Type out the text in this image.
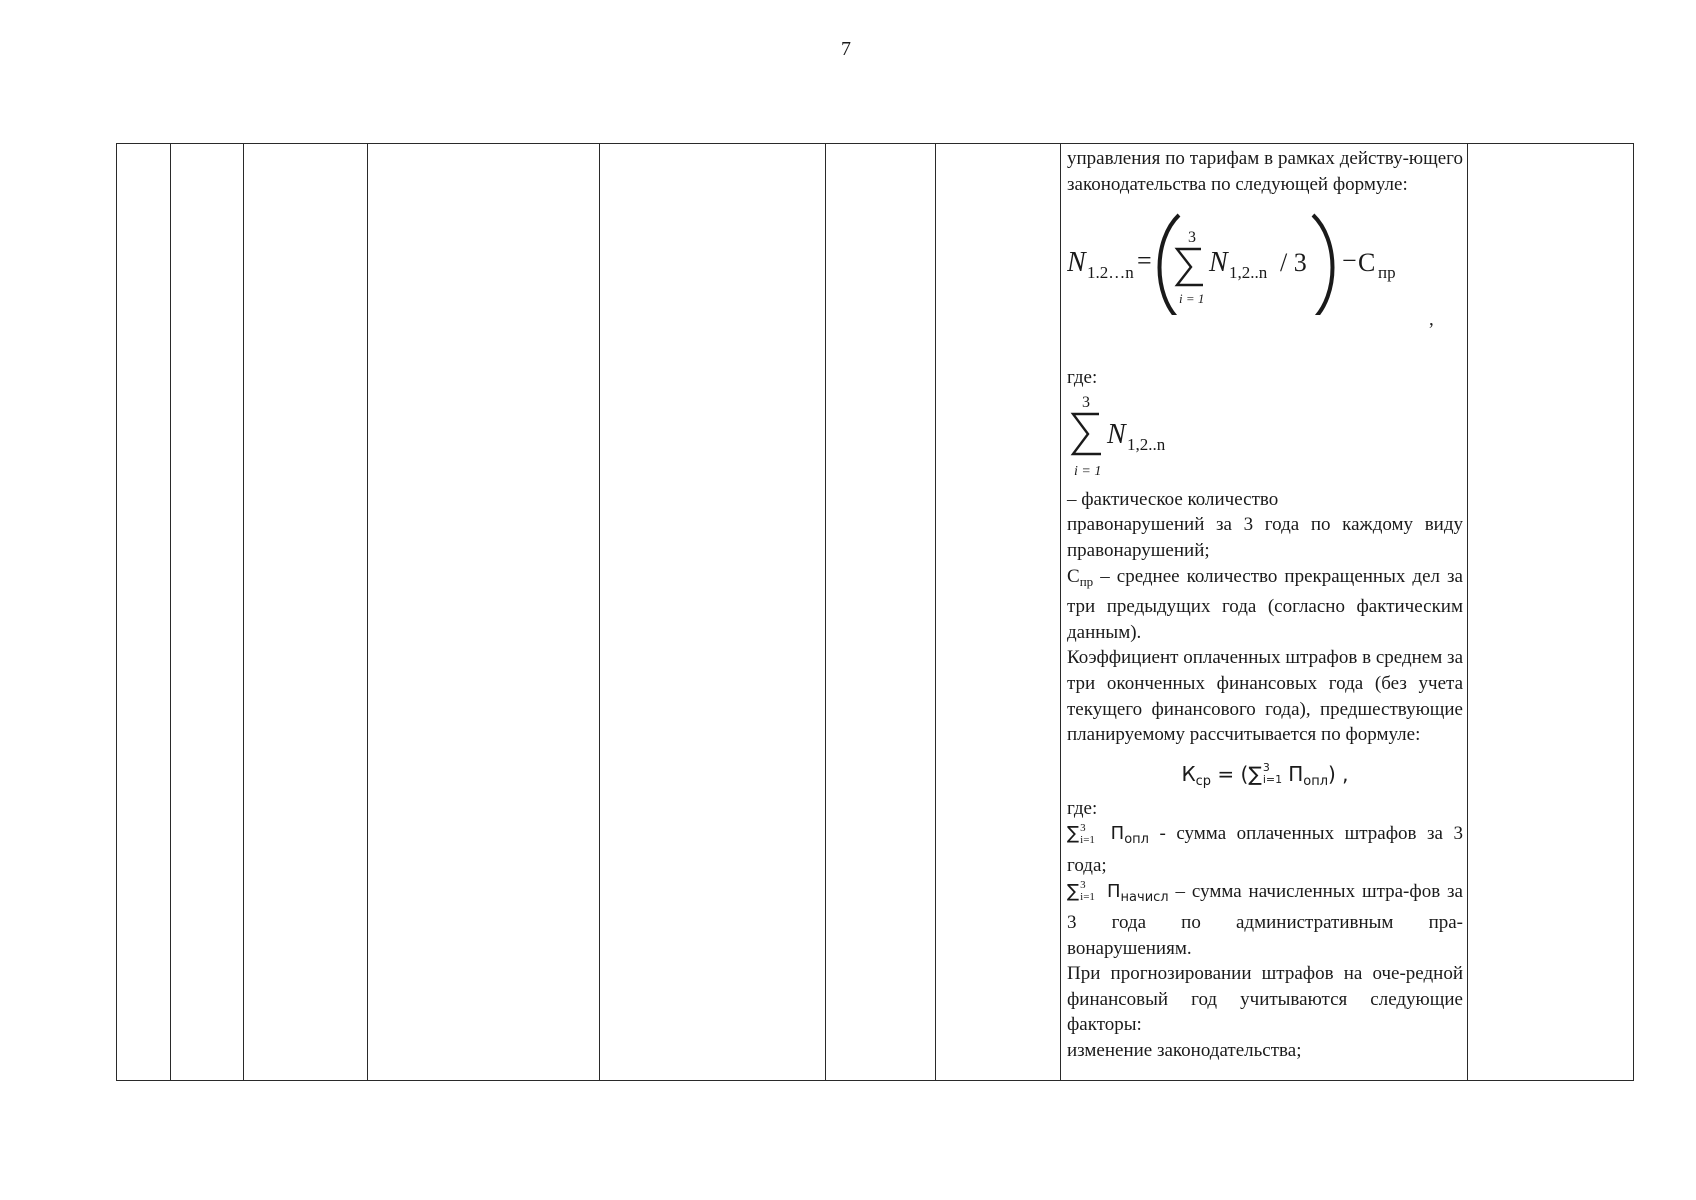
7

управления по тарифам в рамках действу-ющего законодательства по следующей формуле:

N 1.2…n =
3
i = 1
N 1,2..n / 3 − С пр
,

где:

3
i = 1
N 1,2..n

– фактическое количество

правонарушений за 3 года по каждому виду правонарушений;

$С_{пр}$ – среднее количество прекращенных дел за три предыдущих года (согласно фактическим данным).

Коэффициент оплаченных штрафов в среднем за три оконченных финансовых года (без учета текущего финансового года), предшествующие планируемому рассчитывается по формуле:

$К_{ср}$ = (∑ 3
i=1 $П_{опл}$) ,

где:

∑ 3
i=1 $П_{опл}$ - сумма оплаченных штрафов за 3 года;

∑ 3
i=1 $П_{начисл}$ – сумма начисленных штра-фов за 3 года по административным пра-вонарушениям.

При прогнозировании штрафов на оче-редной финансовый год учитываются следующие факторы:

изменение законодательства;
